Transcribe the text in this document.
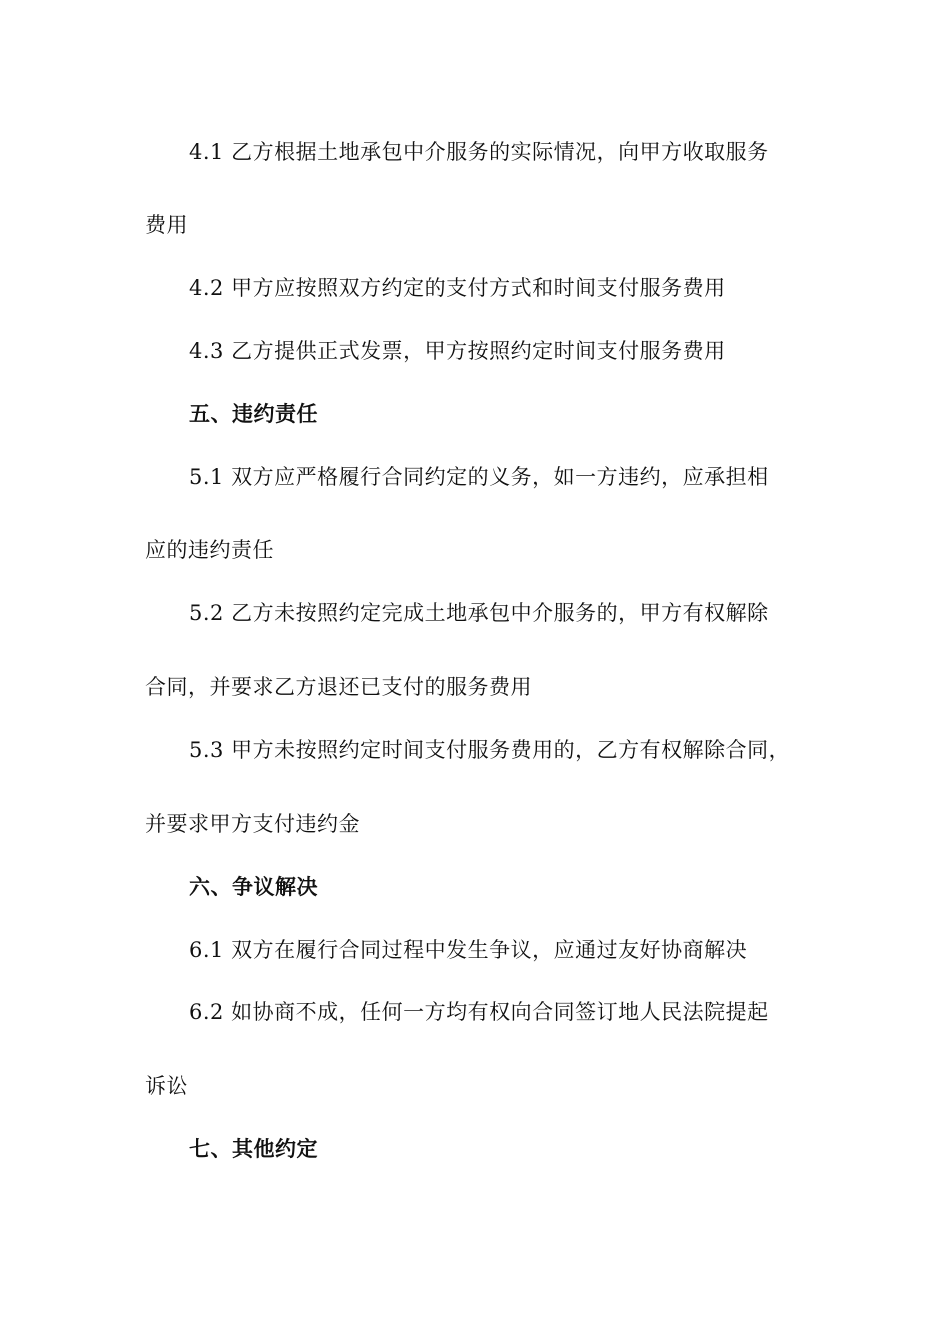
4.1 乙方根据土地承包中介服务的实际情况，向甲方收取服务
费用
4.2 甲方应按照双方约定的支付方式和时间支付服务费用
4.3 乙方提供正式发票，甲方按照约定时间支付服务费用
五、违约责任
5.1 双方应严格履行合同约定的义务，如一方违约，应承担相
应的违约责任
5.2 乙方未按照约定完成土地承包中介服务的，甲方有权解除
合同，并要求乙方退还已支付的服务费用
5.3 甲方未按照约定时间支付服务费用的，乙方有权解除合同，
并要求甲方支付违约金
六、争议解决
6.1 双方在履行合同过程中发生争议，应通过友好协商解决
6.2 如协商不成，任何一方均有权向合同签订地人民法院提起
诉讼
七、其他约定
